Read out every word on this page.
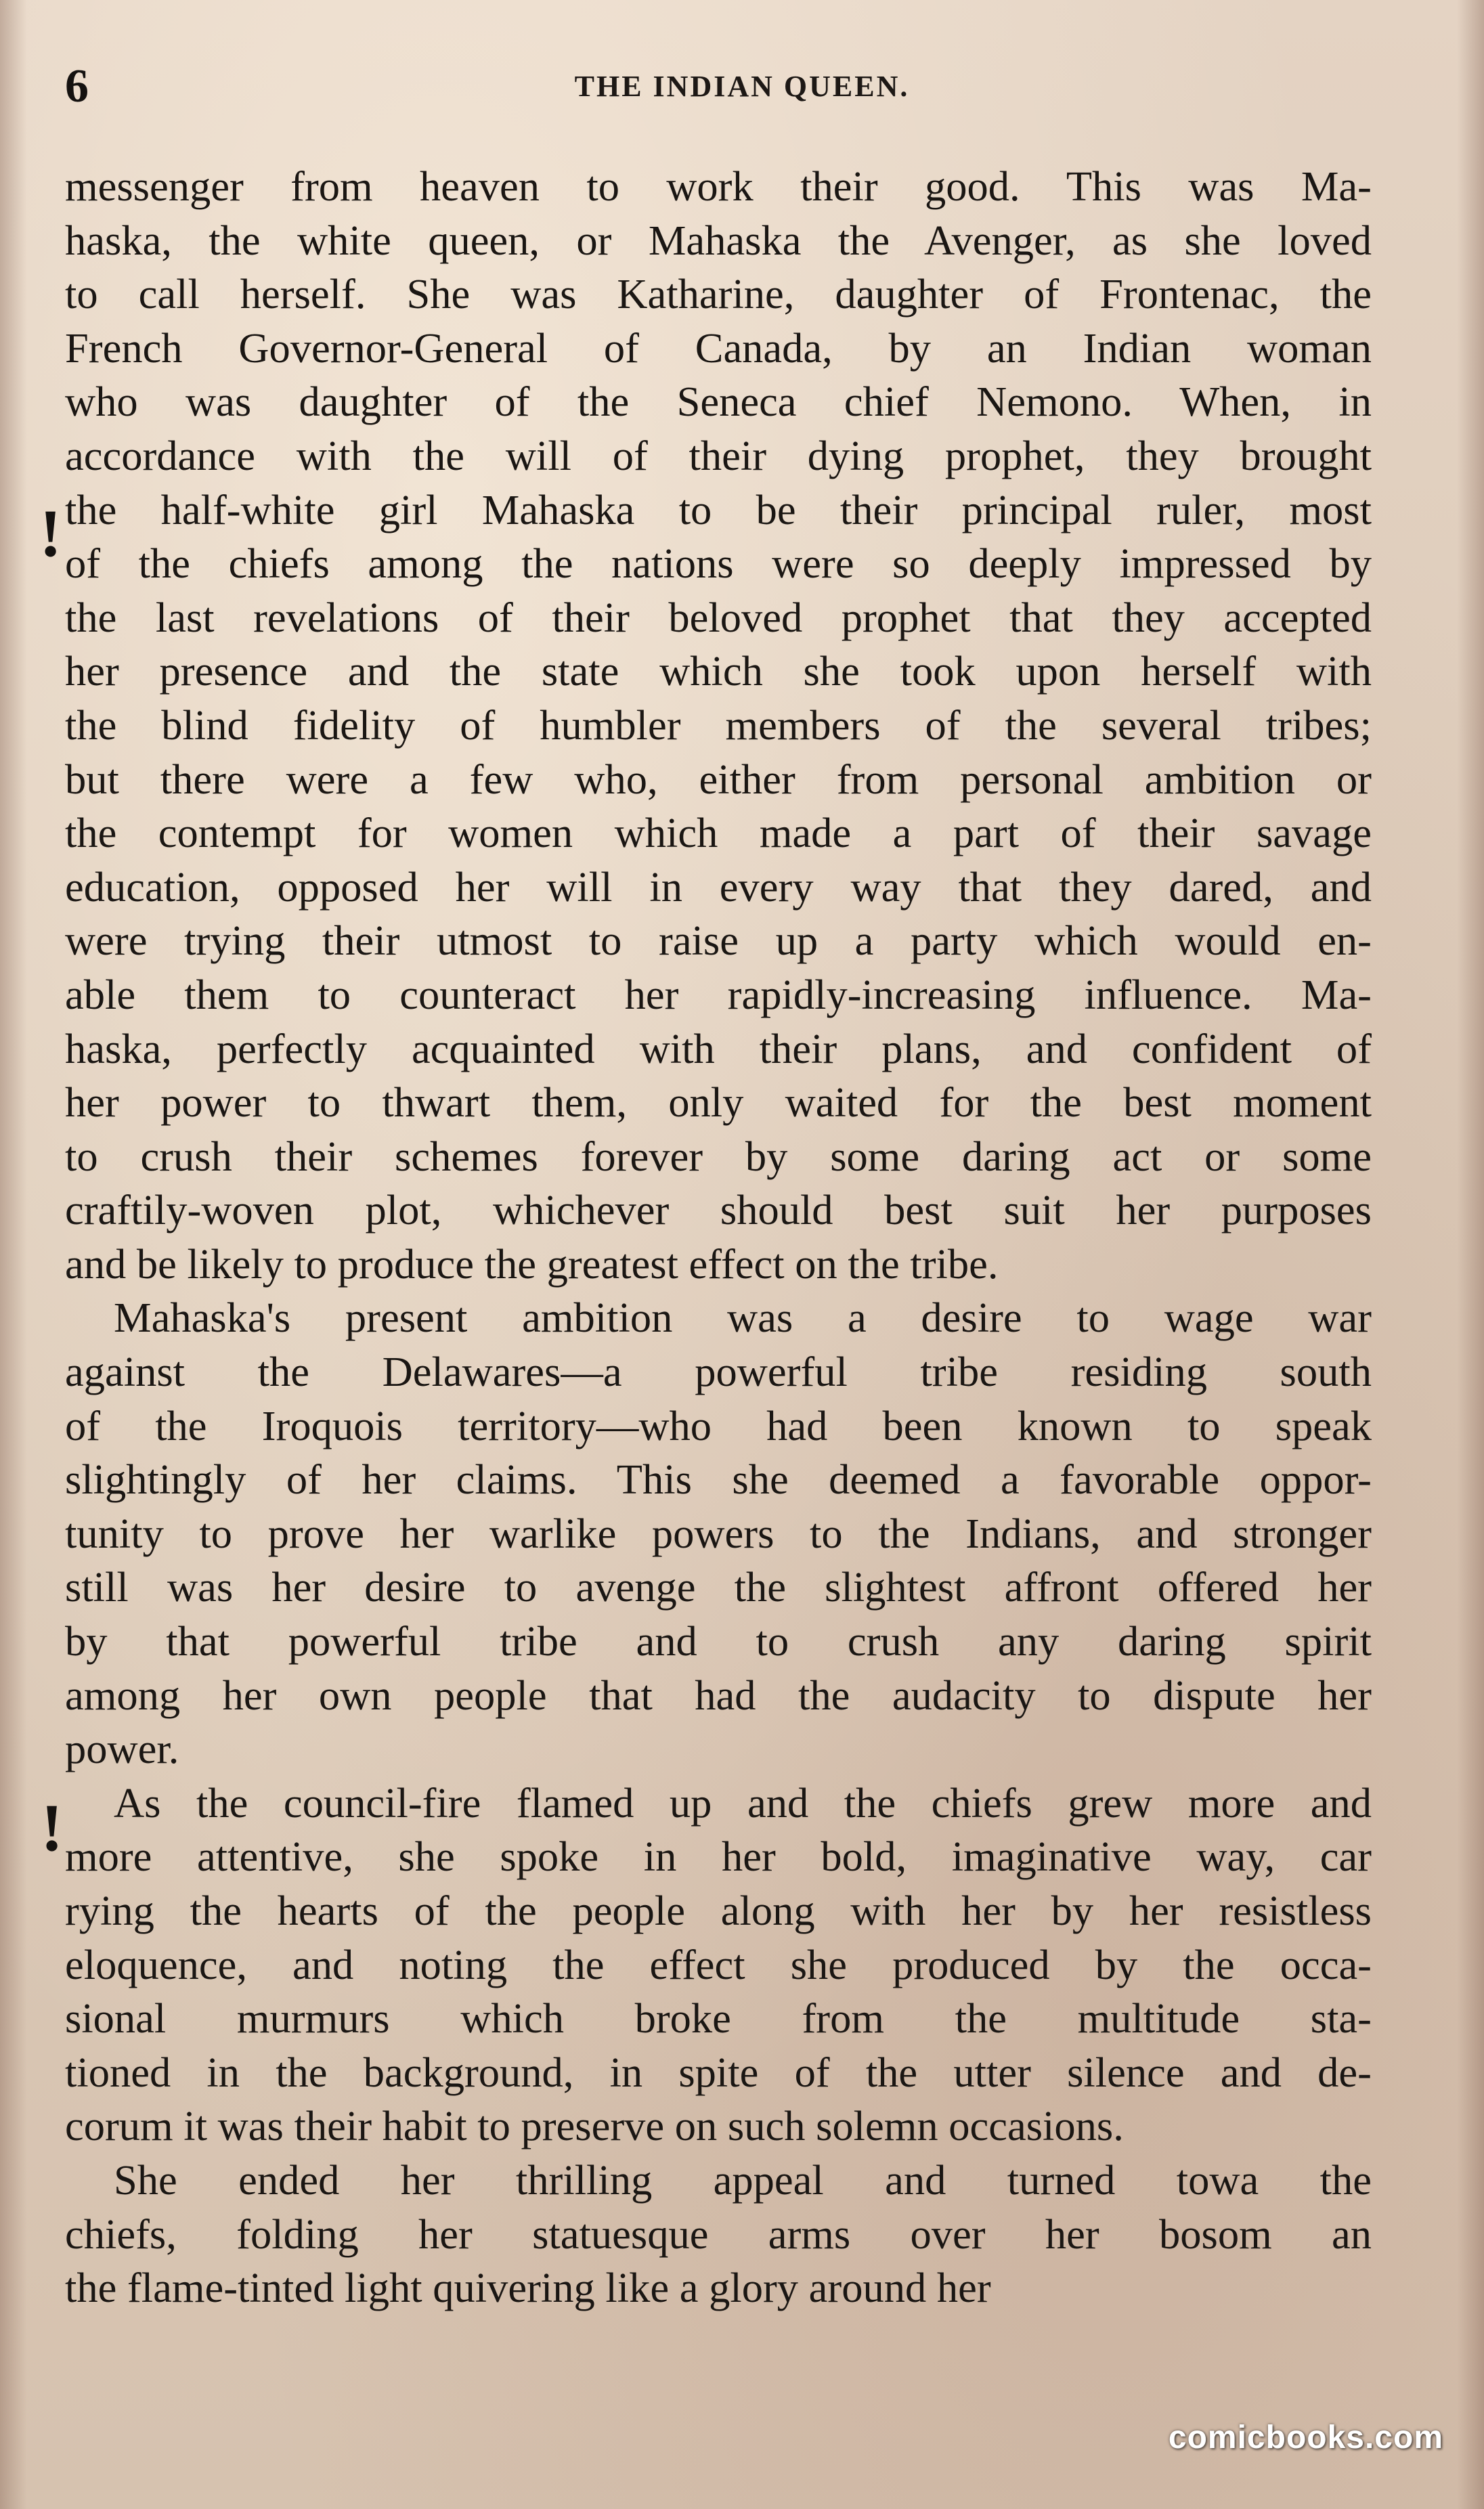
6	THE INDIAN QUEEN.
!
!
messenger from heaven to work their good. This was Ma-
haska, the white queen, or Mahaska the Avenger, as she loved
to call herself. She was Katharine, daughter of Frontenac, the
French Governor-General of Canada, by an Indian woman
who was daughter of the Seneca chief Nemono. When, in
accordance with the will of their dying prophet, they brought
the half-white girl Mahaska to be their principal ruler, most
of the chiefs among the nations were so deeply impressed by
the last revelations of their beloved prophet that they accepted
her presence and the state which she took upon herself with
the blind fidelity of humbler members of the several tribes;
but there were a few who, either from personal ambition or
the contempt for women which made a part of their savage
education, opposed her will in every way that they dared, and
were trying their utmost to raise up a party which would en-
able them to counteract her rapidly-increasing influence. Ma-
haska, perfectly acquainted with their plans, and confident of
her power to thwart them, only waited for the best moment
to crush their schemes forever by some daring act or some
craftily-woven plot, whichever should best suit her purposes
and be likely to produce the greatest effect on the tribe.
Mahaska's present ambition was a desire to wage war
against the Delawares—a powerful tribe residing south
of the Iroquois territory—who had been known to speak
slightingly of her claims. This she deemed a favorable oppor-
tunity to prove her warlike powers to the Indians, and stronger
still was her desire to avenge the slightest affront offered her
by that powerful tribe and to crush any daring spirit
among her own people that had the audacity to dispute her
power.
As the council-fire flamed up and the chiefs grew more and
more attentive, she spoke in her bold, imaginative way, car
rying the hearts of the people along with her by her resistless
eloquence, and noting the effect she produced by the occa-
sional murmurs which broke from the multitude sta-
tioned in the background, in spite of the utter silence and de-
corum it was their habit to preserve on such solemn occasions.
She ended her thrilling appeal and turned towa the
chiefs, folding her statuesque arms over her bosom an
the flame-tinted light quivering like a glory around her
comicbooks.com
